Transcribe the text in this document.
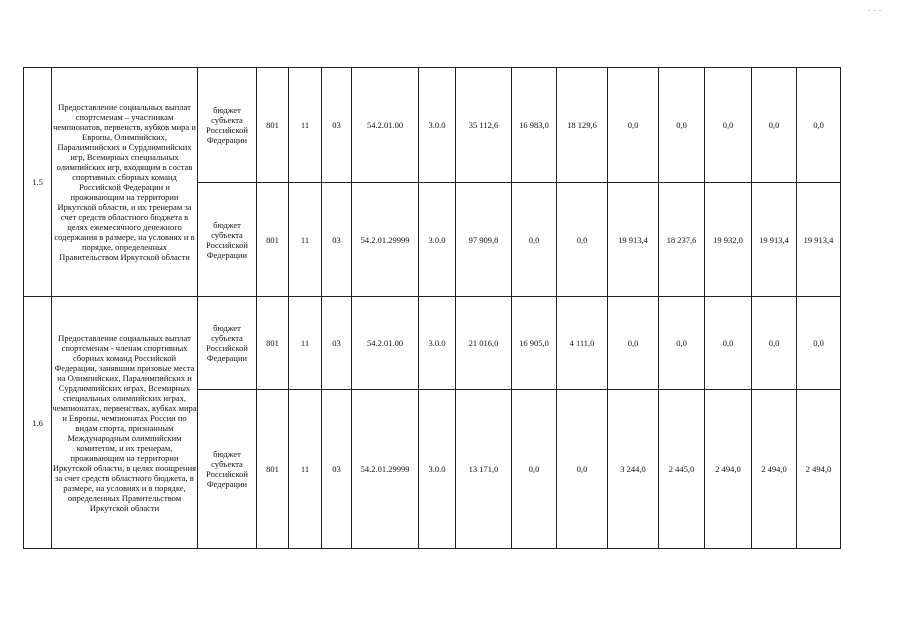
- - -
1.5	Предоставление социальных выплат спортсменам – участникам чемпионатов, первенств, кубков мира и Европы, Олимпийских, Паралимпийских и Сурдлимпийских игр, Всемирных специальных олимпийских игр, входящим в состав спортивных сборных команд Российской Федерации и проживающим на территории Иркутской области, и их тренерам за счет средств областного бюджета в целях ежемесячного денежного содержания в размере, на условиях и в порядке, определенных Правительством Иркутской области	бюджет субъекта Российской Федерации	801	11	03	54.2.01.00	3.0.0	35 112,6	16 983,0	18 129,6	0,0	0,0	0,0	0,0	0,0
		бюджет субъекта Российской Федерации	801	11	03	54.2.01.29999	3.0.0	97 909,8	0,0	0,0	19 913,4	18 237,6	19 932,0	19 913,4	19 913,4
1.6	Предоставление социальных выплат спортсменам - членам спортивных сборных команд Российской Федерации, занявшим призовые места на Олимпийских, Паралимпийских и Сурдлимпийских играх, Всемирных специальных олимпийских играх, чемпионатах, первенствах, кубках мира и Европы, чемпионатах России по видам спорта, признанным Международным олимпийским комитетом, и их тренерам, проживающим на территории Иркутской области, в целях поощрения за счет средств областного бюджета, в размере, на условиях и в порядке, определенных Правительством Иркутской области	бюджет субъекта Российской Федерации	801	11	03	54.2.01.00	3.0.0	21 016,0	16 905,0	4 111,0	0,0	0,0	0,0	0,0	0,0
		бюджет субъекта Российской Федерации	801	11	03	54.2.01.29999	3.0.0	13 171,0	0,0	0,0	3 244,0	2 445,0	2 494,0	2 494,0	2 494,0
